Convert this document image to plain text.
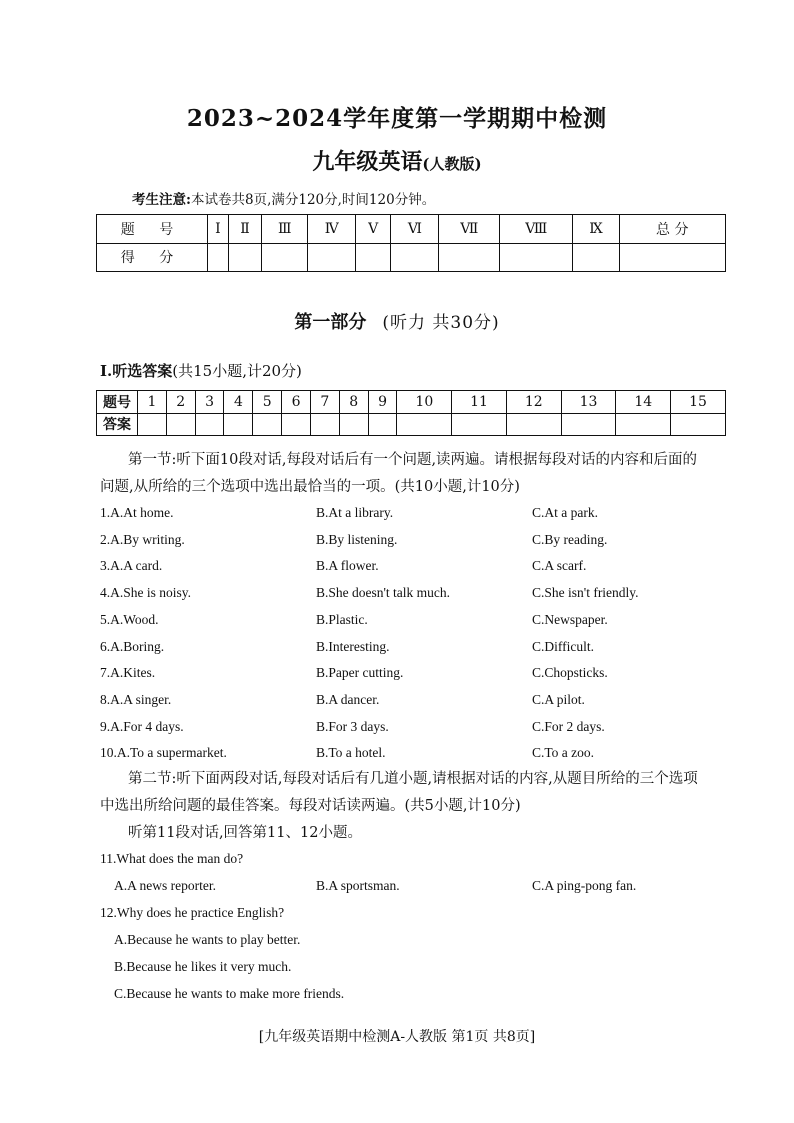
2023~2024学年度第一学期期中检测
九年级英语(人教版)
考生注意:本试卷共8页,满分120分,时间120分钟。
题 号	Ⅰ	Ⅱ	Ⅲ	Ⅳ	Ⅴ	Ⅵ	Ⅶ	Ⅷ	Ⅸ	总 分
得 分										
第一部分 (听力 共30分)
Ⅰ.听选答案(共15小题,计20分)
题号	1	2	3	4	5	6	7	8	9	10	11	12	13	14	15
答案															
第一节:听下面10段对话,每段对话后有一个问题,读两遍。请根据每段对话的内容和后面的问题,从所给的三个选项中选出最恰当的一项。(共10小题,计10分)
1.A.At home.	B.At a library.	C.At a park.
2.A.By writing.	B.By listening.	C.By reading.
3.A.A card.	B.A flower.	C.A scarf.
4.A.She is noisy.	B.She doesn't talk much.	C.She isn't friendly.
5.A.Wood.	B.Plastic.	C.Newspaper.
6.A.Boring.	B.Interesting.	C.Difficult.
7.A.Kites.	B.Paper cutting.	C.Chopsticks.
8.A.A singer.	B.A dancer.	C.A pilot.
9.A.For 4 days.	B.For 3 days.	C.For 2 days.
10.A.To a supermarket.	B.To a hotel.	C.To a zoo.
第二节:听下面两段对话,每段对话后有几道小题,请根据对话的内容,从题目所给的三个选项中选出所给问题的最佳答案。每段对话读两遍。(共5小题,计10分)
听第11段对话,回答第11、12小题。
11.What does the man do?
A.A news reporter.	B.A sportsman.	C.A ping-pong fan.
12.Why does he practice English?
A.Because he wants to play better.
B.Because he likes it very much.
C.Because he wants to make more friends.
[九年级英语期中检测A-人教版 第1页 共8页]
